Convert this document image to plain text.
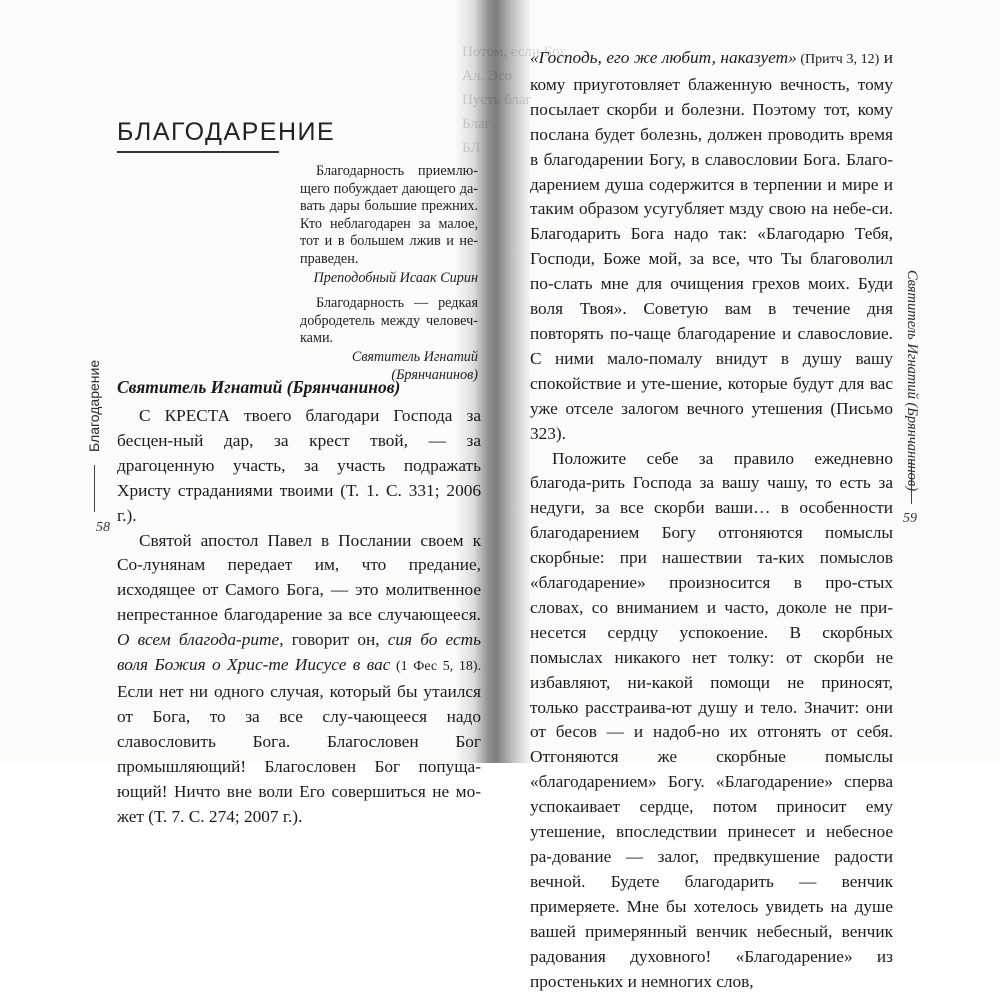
Потом, если Бог
Ал. Эсо
Пусть благ
Благ
БЛ
БЛАГОДАРЕНИЕ

Благодарность приемлю- щего побуждает дающего да- вать дары большие прежних. Кто неблагодарен за малое, тот и в большем лжив и не- праведен.

Преподобный Исаак Сирин

Благодарность — редкая добродетель между человеч- ками.

Святитель Игнатий
(Брянчанинов)
Святитель Игнатий (Брянчанинов)

С КРЕСТА твоего благодари Господа за бесцен-ный дар, за крест твой, — за драгоценную участь, за участь подражать Христу страданиями твоими (Т. 1. С. 331; 2006 г.).

Святой апостол Павел в Послании своем к Со-лунянам передает им, что предание, исходящее от Самого Бога, — это молитвенное непрестанное благодарение за все случающееся. О всем благода-рите, говорит он, сия бо есть воля Божия о Хрис-те Иисусе в вас (1 Фес 5, 18). Если нет ни одного случая, который бы утаился от Бога, то за все слу-чающееся надо славословить Бога. Благословен Бог промышляющий! Благословен Бог попуща-ющий! Ничто вне воли Его совершиться не мо-жет (Т. 7. С. 274; 2007 г.).

Благодарение
58

«Господь, его же любит, наказует» (Притч 3, 12) и кому приуготовляет блаженную вечность, тому посылает скорби и болезни. Поэтому тот, кому послана будет болезнь, должен проводить время в благодарении Богу, в славословии Бога. Благо-дарением душа содержится в терпении и мире и таким образом усугубляет мзду свою на небе-си. Благодарить Бога надо так: «Благодарю Тебя, Господи, Боже мой, за все, что Ты благоволил по-слать мне для очищения грехов моих. Буди воля Твоя». Советую вам в течение дня повторять по-чаще благодарение и славословие. С ними мало-помалу внидут в душу вашу спокойствие и уте-шение, которые будут для вас уже отселе залогом вечного утешения (Письмо 323).

Положите себе за правило ежедневно благода-рить Господа за вашу чашу, то есть за недуги, за все скорби ваши… в особенности благодарением Богу отгоняются помыслы скорбные: при нашествии та-ких помыслов «благодарение» произносится в про-стых словах, со вниманием и часто, доколе не при-несется сердцу успокоение. В скорбных помыслах никакого нет толку: от скорби не избавляют, ни-какой помощи не приносят, только расстраива-ют душу и тело. Значит: они от бесов — и надоб-но их отгонять от себя. Отгоняются же скорбные помыслы «благодарением» Богу. «Благодарение» сперва успокаивает сердце, потом приносит ему утешение, впоследствии принесет и небесное ра-дование — залог, предвкушение радости вечной. Будете благодарить — венчик примеряете. Мне бы хотелось увидеть на душе вашей примерянный венчик небесный, венчик радования духовного! «Благодарение» из простеньких и немногих слов,

Святитель Игнатий (Брянчанинов)
59
